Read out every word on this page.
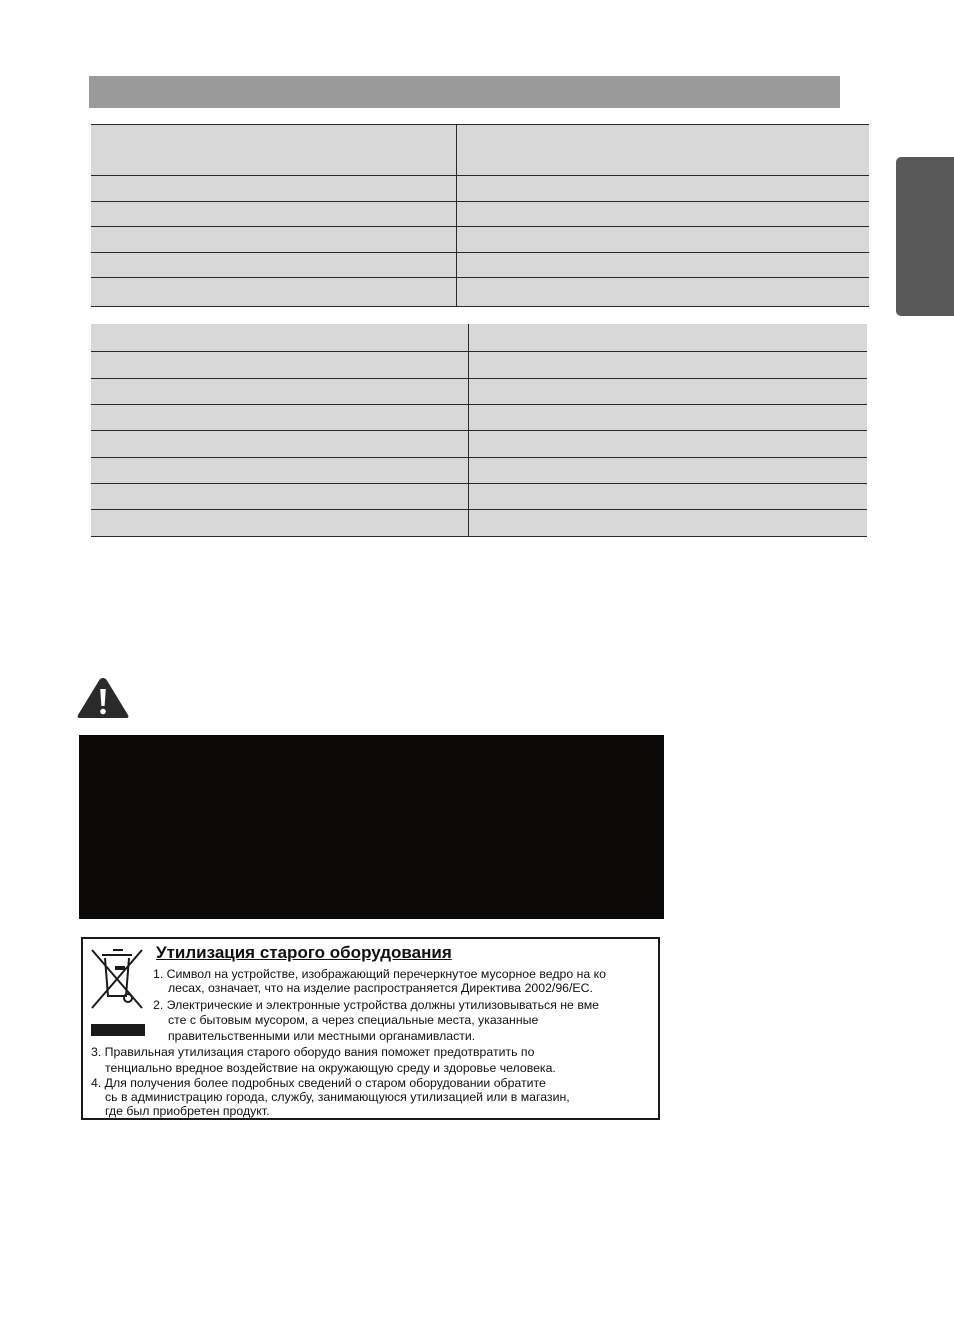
Утилизация старого оборудования
1. Символ на устройстве, изображающий перечеркнутое мусорное ведро на ко
лесах, означает, что на изделие распространяется Директива 2002/96/EC.
2. Электрические и электронные устройства должны утилизовываться не вме
сте с бытовым мусором, а через специальные места, указанные
правительственными или местными органамивласти.
3. Правильная утилизация старого оборудо вания поможет предотвратить по
тенциально вредное воздействие на окружающую среду и здоровье человека.
4. Для получения более подробных сведений о старом оборудовании обратите
сь в администрацию города, службу, занимающуюся утилизацией или в магазин,
где был приобретен продукт.
